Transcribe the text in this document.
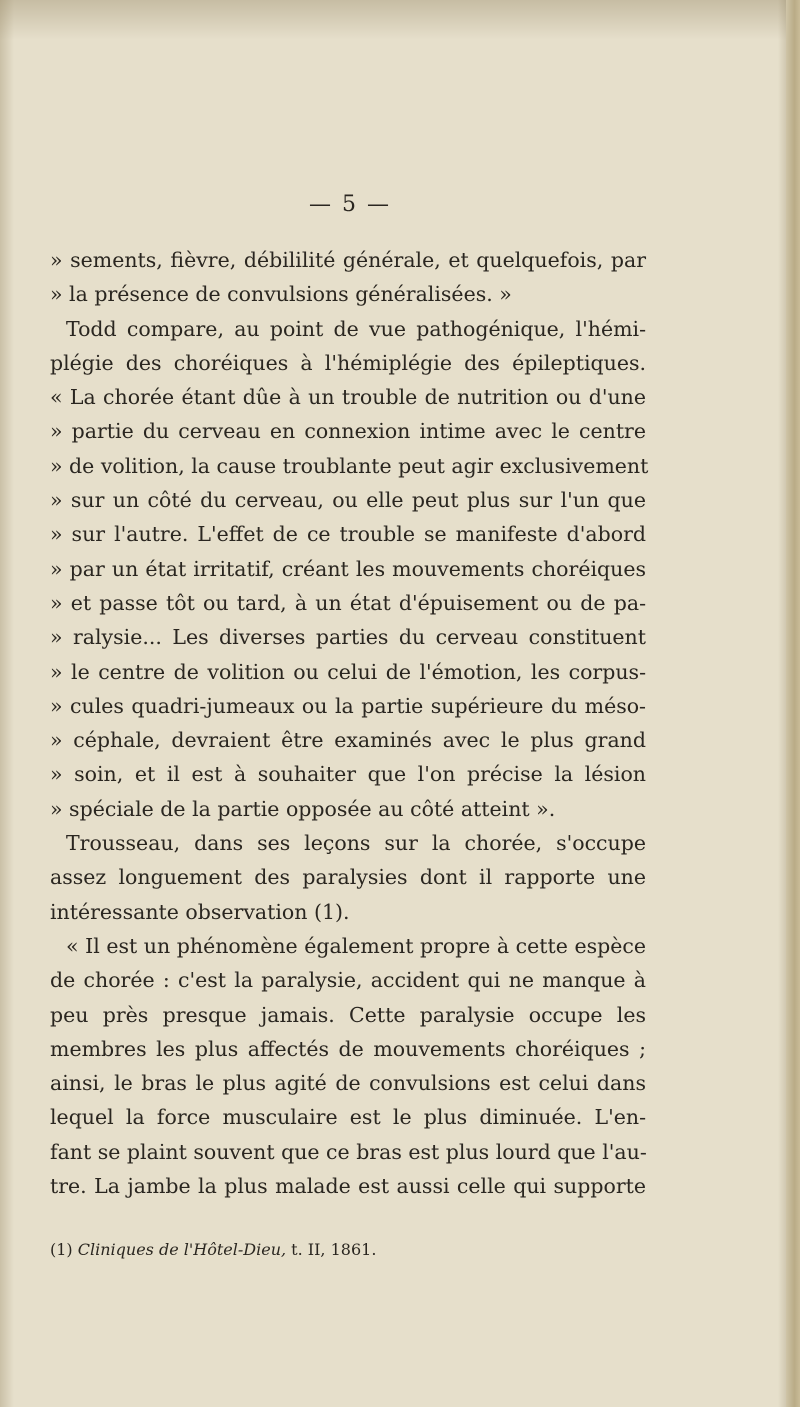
— 5 —
» sements, fièvre, débililité générale, et quelquefois, par
» la présence de convulsions généralisées. »
Todd compare, au point de vue pathogénique, l'hémi-
plégie des choréiques à l'hémiplégie des épileptiques.
« La chorée étant dûe à un trouble de nutrition ou d'une
» partie du cerveau en connexion intime avec le centre
» de volition, la cause troublante peut agir exclusivement
» sur un côté du cerveau, ou elle peut plus sur l'un que
» sur l'autre. L'effet de ce trouble se manifeste d'abord
» par un état irritatif, créant les mouvements choréiques
» et passe tôt ou tard, à un état d'épuisement ou de pa-
» ralysie... Les diverses parties du cerveau constituent
» le centre de volition ou celui de l'émotion, les corpus-
» cules quadri-jumeaux ou la partie supérieure du méso-
» céphale, devraient être examinés avec le plus grand
» soin, et il est à souhaiter que l'on précise la lésion
» spéciale de la partie opposée au côté atteint ».
Trousseau, dans ses leçons sur la chorée, s'occupe
assez longuement des paralysies dont il rapporte une
intéressante observation (1).
« Il est un phénomène également propre à cette espèce
de chorée : c'est la paralysie, accident qui ne manque à
peu près presque jamais. Cette paralysie occupe les
membres les plus affectés de mouvements choréiques ;
ainsi, le bras le plus agité de convulsions est celui dans
lequel la force musculaire est le plus diminuée. L'en-
fant se plaint souvent que ce bras est plus lourd que l'au-
tre. La jambe la plus malade est aussi celle qui supporte
(1) Cliniques de l'Hôtel-Dieu, t. II, 1861.
